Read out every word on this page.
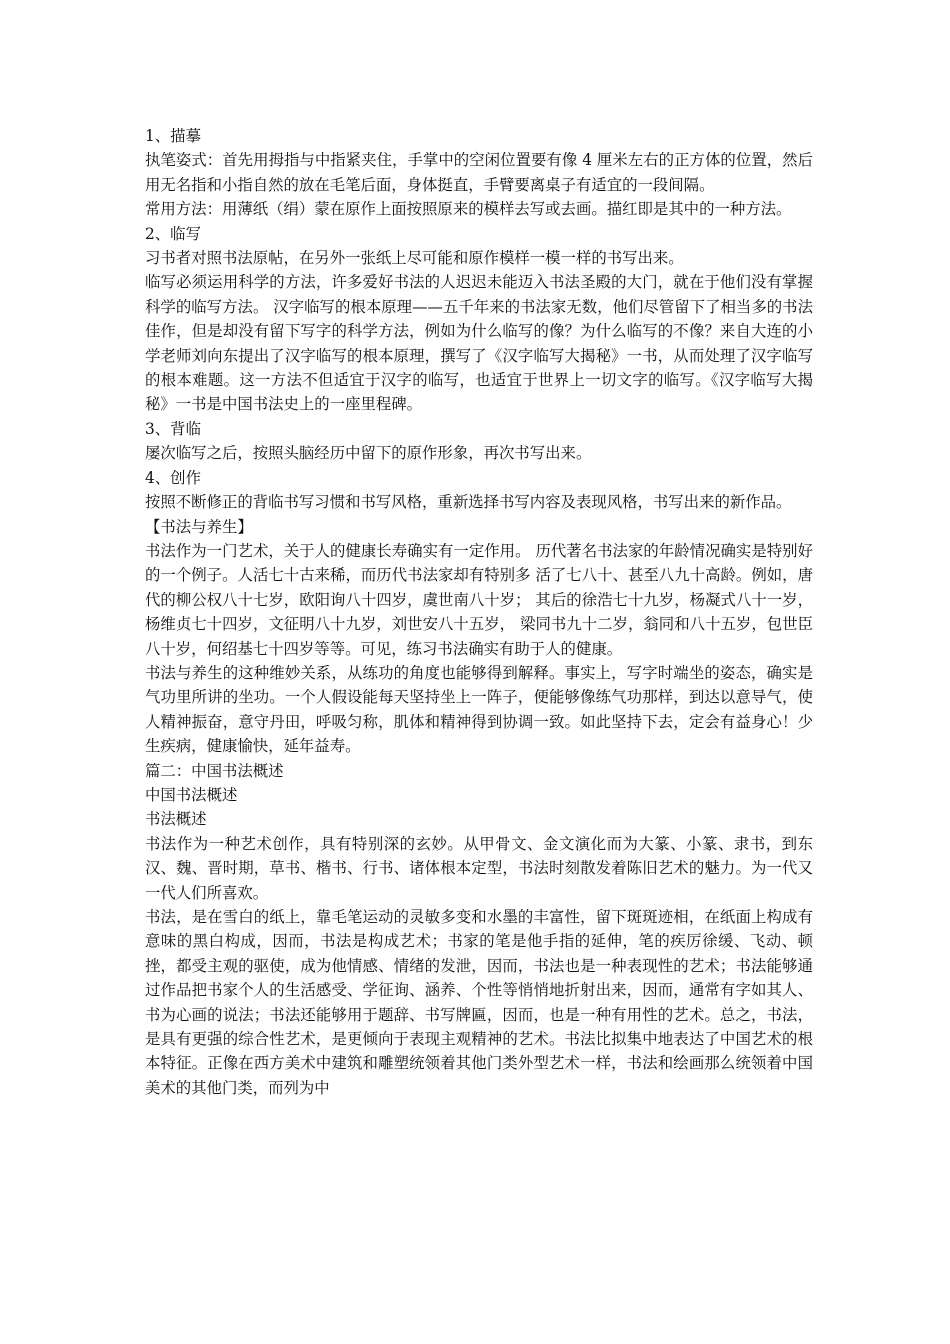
1、描摹

执笔姿式：首先用拇指与中指紧夹住，手掌中的空闲位置要有像 4 厘米左右的正方体的位置，然后用无名指和小指自然的放在毛笔后面，身体挺直，手臂要离桌子有适宜的一段间隔。

常用方法：用薄纸（绢）蒙在原作上面按照原来的模样去写或去画。描红即是其中的一种方法。

2、临写

习书者对照书法原帖，在另外一张纸上尽可能和原作模样一模一样的书写出来。

临写必须运用科学的方法，许多爱好书法的人迟迟未能迈入书法圣殿的大门，就在于他们没有掌握科学的临写方法。 汉字临写的根本原理——五千年来的书法家无数，他们尽管留下了相当多的书法佳作，但是却没有留下写字的科学方法，例如为什么临写的像？为什么临写的不像？来自大连的小学老师刘向东提出了汉字临写的根本原理，撰写了《汉字临写大揭秘》一书，从而处理了汉字临写的根本难题。这一方法不但适宜于汉字的临写，也适宜于世界上一切文字的临写。《汉字临写大揭秘》一书是中国书法史上的一座里程碑。

3、背临

屡次临写之后，按照头脑经历中留下的原作形象，再次书写出来。

4、创作

按照不断修正的背临书写习惯和书写风格，重新选择书写内容及表现风格，书写出来的新作品。

【书法与养生】

书法作为一门艺术，关于人的健康长寿确实有一定作用。 历代著名书法家的年龄情况确实是特别好的一个例子。人活七十古来稀，而历代书法家却有特别多 活了七八十、甚至八九十高龄。例如，唐代的柳公权八十七岁，欧阳询八十四岁，虞世南八十岁； 其后的徐浩七十九岁，杨凝式八十一岁，杨维贞七十四岁，文征明八十九岁，刘世安八十五岁， 梁同书九十二岁，翁同和八十五岁，包世臣八十岁，何绍基七十四岁等等。可见，练习书法确实有助于人的健康。

书法与养生的这种维妙关系，从练功的角度也能够得到解释。事实上，写字时端坐的姿态，确实是气功里所讲的坐功。一个人假设能每天坚持坐上一阵子，便能够像练气功那样，到达以意导气，使人精神振奋，意守丹田，呼吸匀称，肌体和精神得到协调一致。如此坚持下去，定会有益身心！少生疾病，健康愉快，延年益寿。

篇二：中国书法概述

中国书法概述

书法概述

书法作为一种艺术创作，具有特别深的玄妙。从甲骨文、金文演化而为大篆、小篆、隶书，到东汉、魏、晋时期，草书、楷书、行书、诸体根本定型，书法时刻散发着陈旧艺术的魅力。为一代又一代人们所喜欢。

书法，是在雪白的纸上，靠毛笔运动的灵敏多变和水墨的丰富性，留下斑斑迹相，在纸面上构成有意味的黑白构成，因而，书法是构成艺术；书家的笔是他手指的延伸，笔的疾厉徐缓、飞动、顿挫，都受主观的驱使，成为他情感、情绪的发泄，因而，书法也是一种表现性的艺术；书法能够通过作品把书家个人的生活感受、学征询、涵养、个性等悄悄地折射出来，因而，通常有字如其人、书为心画的说法；书法还能够用于题辞、书写牌匾，因而，也是一种有用性的艺术。总之，书法，是具有更强的综合性艺术，是更倾向于表现主观精神的艺术。书法比拟集中地表达了中国艺术的根本特征。正像在西方美术中建筑和雕塑统领着其他门类外型艺术一样，书法和绘画那么统领着中国美术的其他门类，而列为中
